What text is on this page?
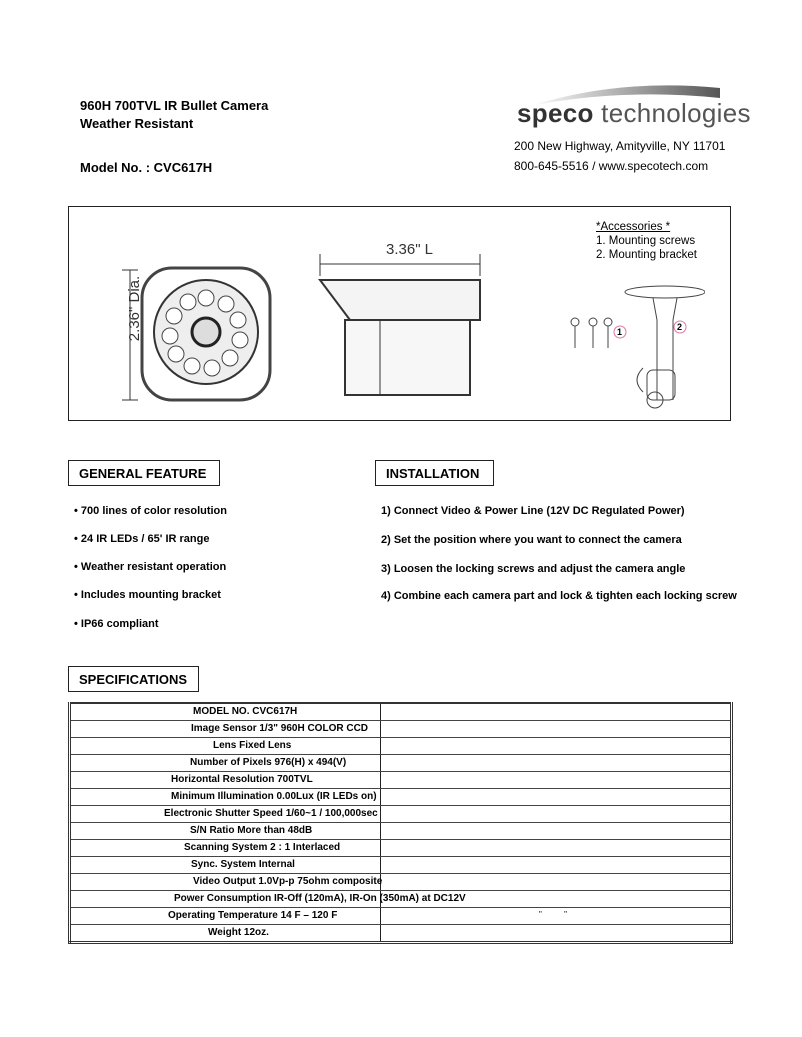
960H 700TVL IR Bullet Camera
Weather Resistant
Model No. : CVC617H
speco technologies
200 New Highway, Amityville, NY 11701
800-645-5516 / www.specotech.com
2.36" Dia.
3.36" L
*Accessories *
1. Mounting screws
2. Mounting bracket
1	2
GENERAL FEATURE
• 700 lines of color resolution
• 24 IR LEDs / 65' IR range
• Weather resistant operation
• Includes mounting bracket
• IP66 compliant
INSTALLATION
1) Connect Video & Power Line (12V DC Regulated Power)
2) Set the position where you want to connect the camera
3) Loosen the locking screws and adjust the camera angle
4) Combine each camera part and lock & tighten each locking screw
SPECIFICATIONS
MODEL NO. CVC617H	

Image Sensor 1/3" 960H COLOR CCD	

Lens Fixed Lens	

Number of Pixels 976(H) x 494(V)	

Horizontal Resolution 700TVL	

Minimum Illumination 0.00Lux (IR LEDs on)	

Electronic Shutter Speed 1/60~1 / 100,000sec	

S/N Ratio More than 48dB	

Scanning System 2 : 1 Interlaced	

Sync. System Internal	

Video Output 1.0Vp-p 75ohm composite	

Power Consumption IR-Off (120mA), IR-On (350mA) at DC12V	

Operating Temperature 14 F – 120 F	"          "

Weight 12oz.	
